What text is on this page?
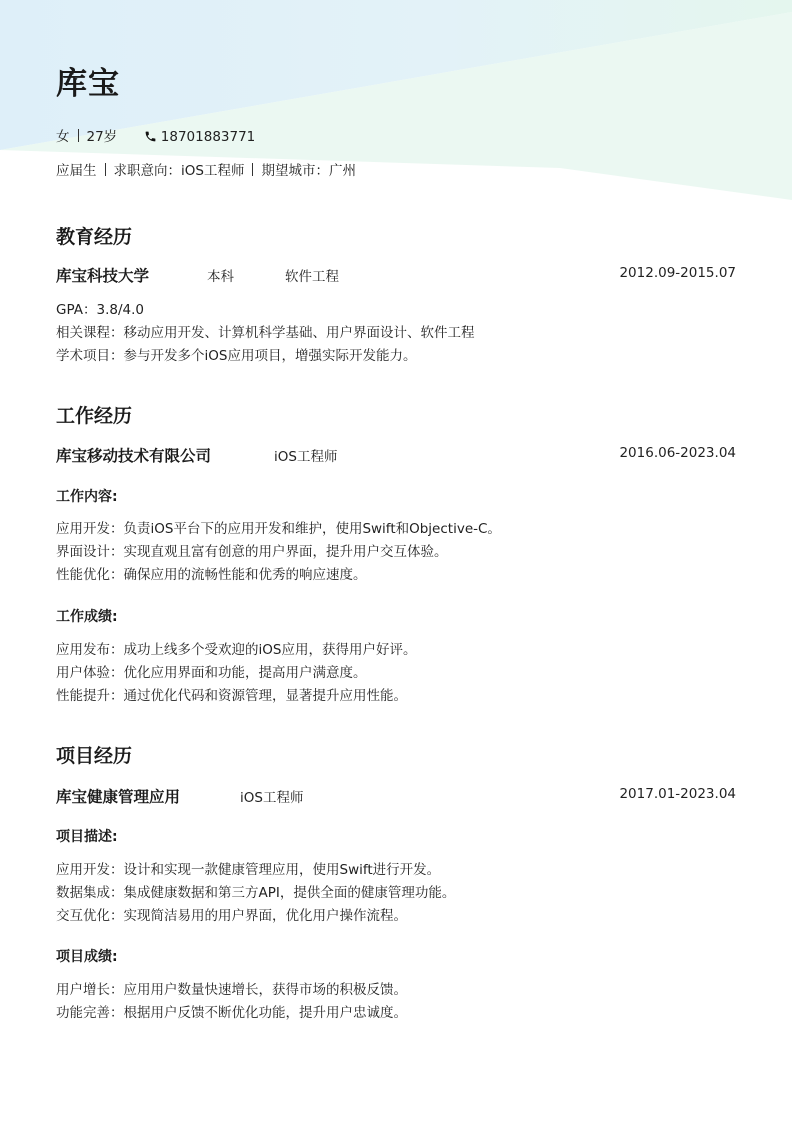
库宝
女 27岁	18701883771
应届生 求职意向：iOS工程师 期望城市：广州
教育经历
库宝科技大学	本科	软件工程	2012.09-2015.07
GPA：3.8/4.0
相关课程：移动应用开发、计算机科学基础、用户界面设计、软件工程
学术项目：参与开发多个iOS应用项目，增强实际开发能力。
工作经历
库宝移动技术有限公司	iOS工程师	2016.06-2023.04
工作内容:
应用开发：负责iOS平台下的应用开发和维护，使用Swift和Objective-C。
界面设计：实现直观且富有创意的用户界面，提升用户交互体验。
性能优化：确保应用的流畅性能和优秀的响应速度。
工作成绩:
应用发布：成功上线多个受欢迎的iOS应用，获得用户好评。
用户体验：优化应用界面和功能，提高用户满意度。
性能提升：通过优化代码和资源管理，显著提升应用性能。
项目经历
库宝健康管理应用	iOS工程师	2017.01-2023.04
项目描述:
应用开发：设计和实现一款健康管理应用，使用Swift进行开发。
数据集成：集成健康数据和第三方API，提供全面的健康管理功能。
交互优化：实现简洁易用的用户界面，优化用户操作流程。
项目成绩:
用户增长：应用用户数量快速增长，获得市场的积极反馈。
功能完善：根据用户反馈不断优化功能，提升用户忠诚度。
